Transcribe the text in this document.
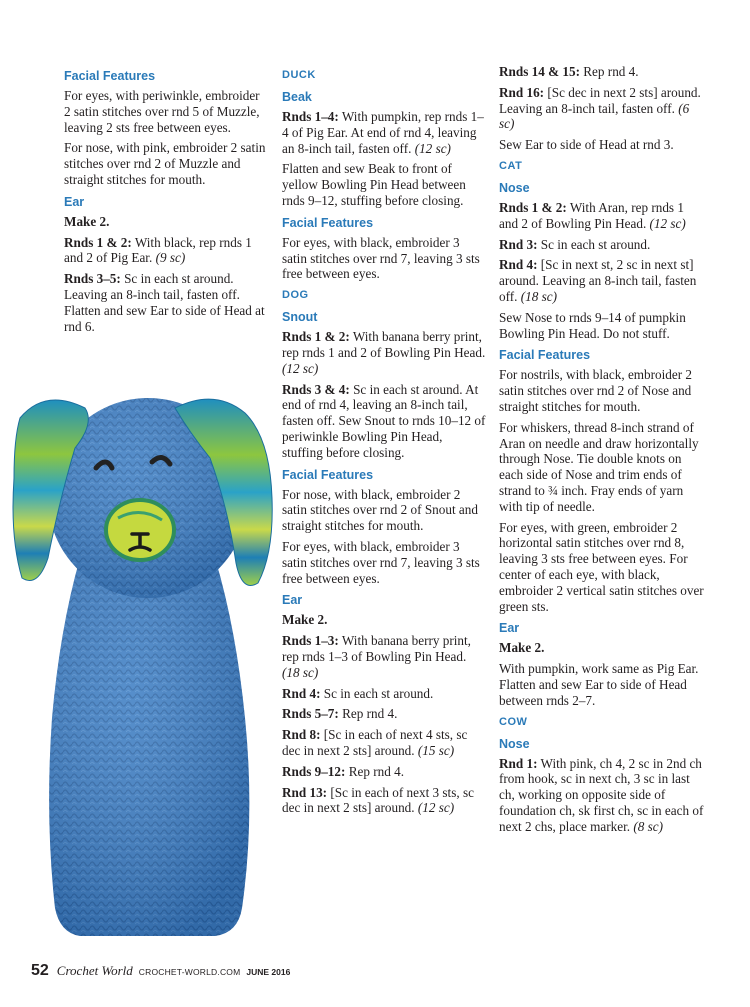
Facial Features

For eyes, with periwinkle, embroider 2 satin stitches over rnd 5 of Muzzle, leaving 2 sts free between eyes.

For nose, with pink, embroider 2 satin stitches over rnd 2 of Muzzle and straight stitches for mouth.

Ear

Make 2.

Rnds 1 & 2: With black, rep rnds 1 and 2 of Pig Ear. (9 sc)

Rnds 3–5: Sc in each st around. Leaving an 8-inch tail, fasten off. Flatten and sew Ear to side of Head at rnd 6.

DUCK
Beak

Rnds 1–4: With pumpkin, rep rnds 1–4 of Pig Ear. At end of rnd 4, leaving an 8-inch tail, fasten off. (12 sc)

Flatten and sew Beak to front of yellow Bowling Pin Head between rnds 9–12, stuffing before closing.

Facial Features

For eyes, with black, embroider 3 satin stitches over rnd 7, leaving 3 sts free between eyes.

DOG
Snout

Rnds 1 & 2: With banana berry print, rep rnds 1 and 2 of Bowling Pin Head. (12 sc)

Rnds 3 & 4: Sc in each st around. At end of rnd 4, leaving an 8-inch tail, fasten off. Sew Snout to rnds 10–12 of periwinkle Bowling Pin Head, stuffing before closing.

Facial Features

For nose, with black, embroider 2 satin stitches over rnd 2 of Snout and straight stitches for mouth.

For eyes, with black, embroider 3 satin stitches over rnd 7, leaving 3 sts free between eyes.

Ear

Make 2.

Rnds 1–3: With banana berry print, rep rnds 1–3 of Bowling Pin Head. (18 sc)

Rnd 4: Sc in each st around.

Rnds 5–7: Rep rnd 4.

Rnd 8: [Sc in each of next 4 sts, sc dec in next 2 sts] around. (15 sc)

Rnds 9–12: Rep rnd 4.

Rnd 13: [Sc in each of next 3 sts, sc dec in next 2 sts] around. (12 sc)

Rnds 14 & 15: Rep rnd 4.

Rnd 16: [Sc dec in next 2 sts] around. Leaving an 8-inch tail, fasten off. (6 sc)

Sew Ear to side of Head at rnd 3.

CAT
Nose

Rnds 1 & 2: With Aran, rep rnds 1 and 2 of Bowling Pin Head. (12 sc)

Rnd 3: Sc in each st around.

Rnd 4: [Sc in next st, 2 sc in next st] around. Leaving an 8-inch tail, fasten off. (18 sc)

Sew Nose to rnds 9–14 of pumpkin Bowling Pin Head. Do not stuff.

Facial Features

For nostrils, with black, embroider 2 satin stitches over rnd 2 of Nose and straight stitches for mouth.

For whiskers, thread 8-inch strand of Aran on needle and draw horizontally through Nose. Tie double knots on each side of Nose and trim ends of strand to ¾ inch. Fray ends of yarn with tip of needle.

For eyes, with green, embroider 2 horizontal satin stitches over rnd 8, leaving 3 sts free between eyes. For center of each eye, with black, embroider 2 vertical satin stitches over green sts.

Ear

Make 2.

With pumpkin, work same as Pig Ear. Flatten and sew Ear to side of Head between rnds 2–7.

COW
Nose

Rnd 1: With pink, ch 4, 2 sc in 2nd ch from hook, sc in next ch, 3 sc in last ch, working on opposite side of foundation ch, sk first ch, sc in each of next 2 chs, place marker. (8 sc)

52 Crochet World CROCHET-WORLD.COM JUNE 2016
